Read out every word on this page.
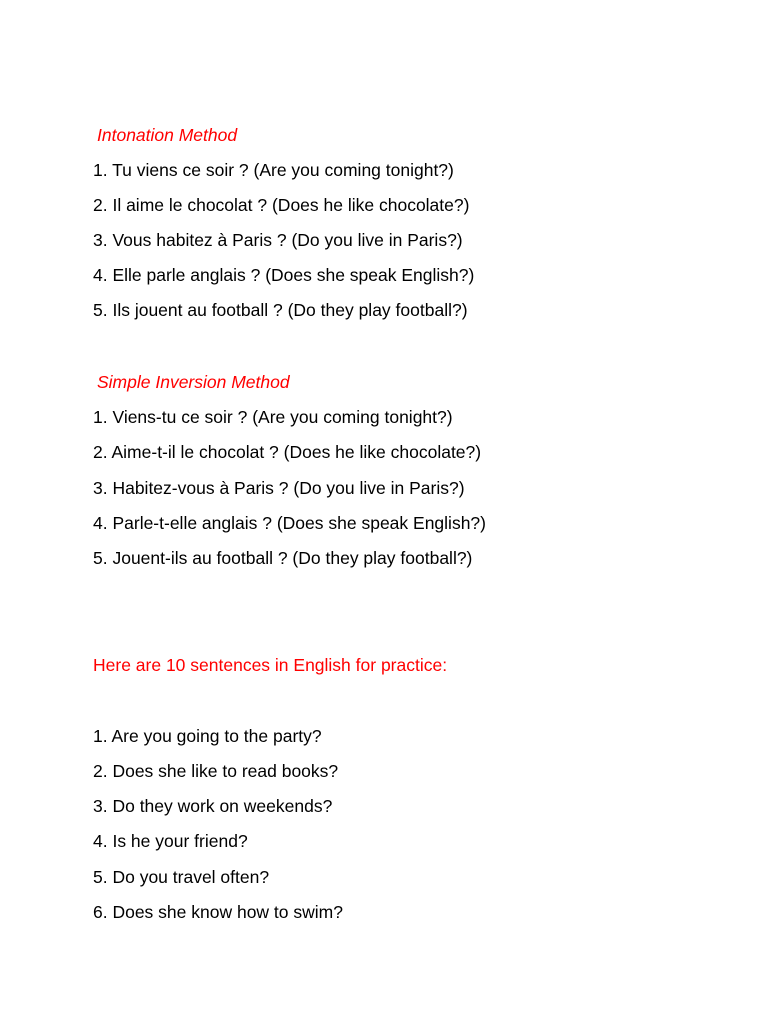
Intonation Method
1. Tu viens ce soir ? (Are you coming tonight?)
2. Il aime le chocolat ? (Does he like chocolate?)
3. Vous habitez à Paris ? (Do you live in Paris?)
4. Elle parle anglais ? (Does she speak English?)
5. Ils jouent au football ? (Do they play football?)
Simple Inversion Method
1. Viens-tu ce soir ? (Are you coming tonight?)
2. Aime-t-il le chocolat ? (Does he like chocolate?)
3. Habitez-vous à Paris ? (Do you live in Paris?)
4. Parle-t-elle anglais ? (Does she speak English?)
5. Jouent-ils au football ? (Do they play football?)
Here are 10 sentences in English for practice:
1. Are you going to the party?
2. Does she like to read books?
3. Do they work on weekends?
4. Is he your friend?
5. Do you travel often?
6. Does she know how to swim?
